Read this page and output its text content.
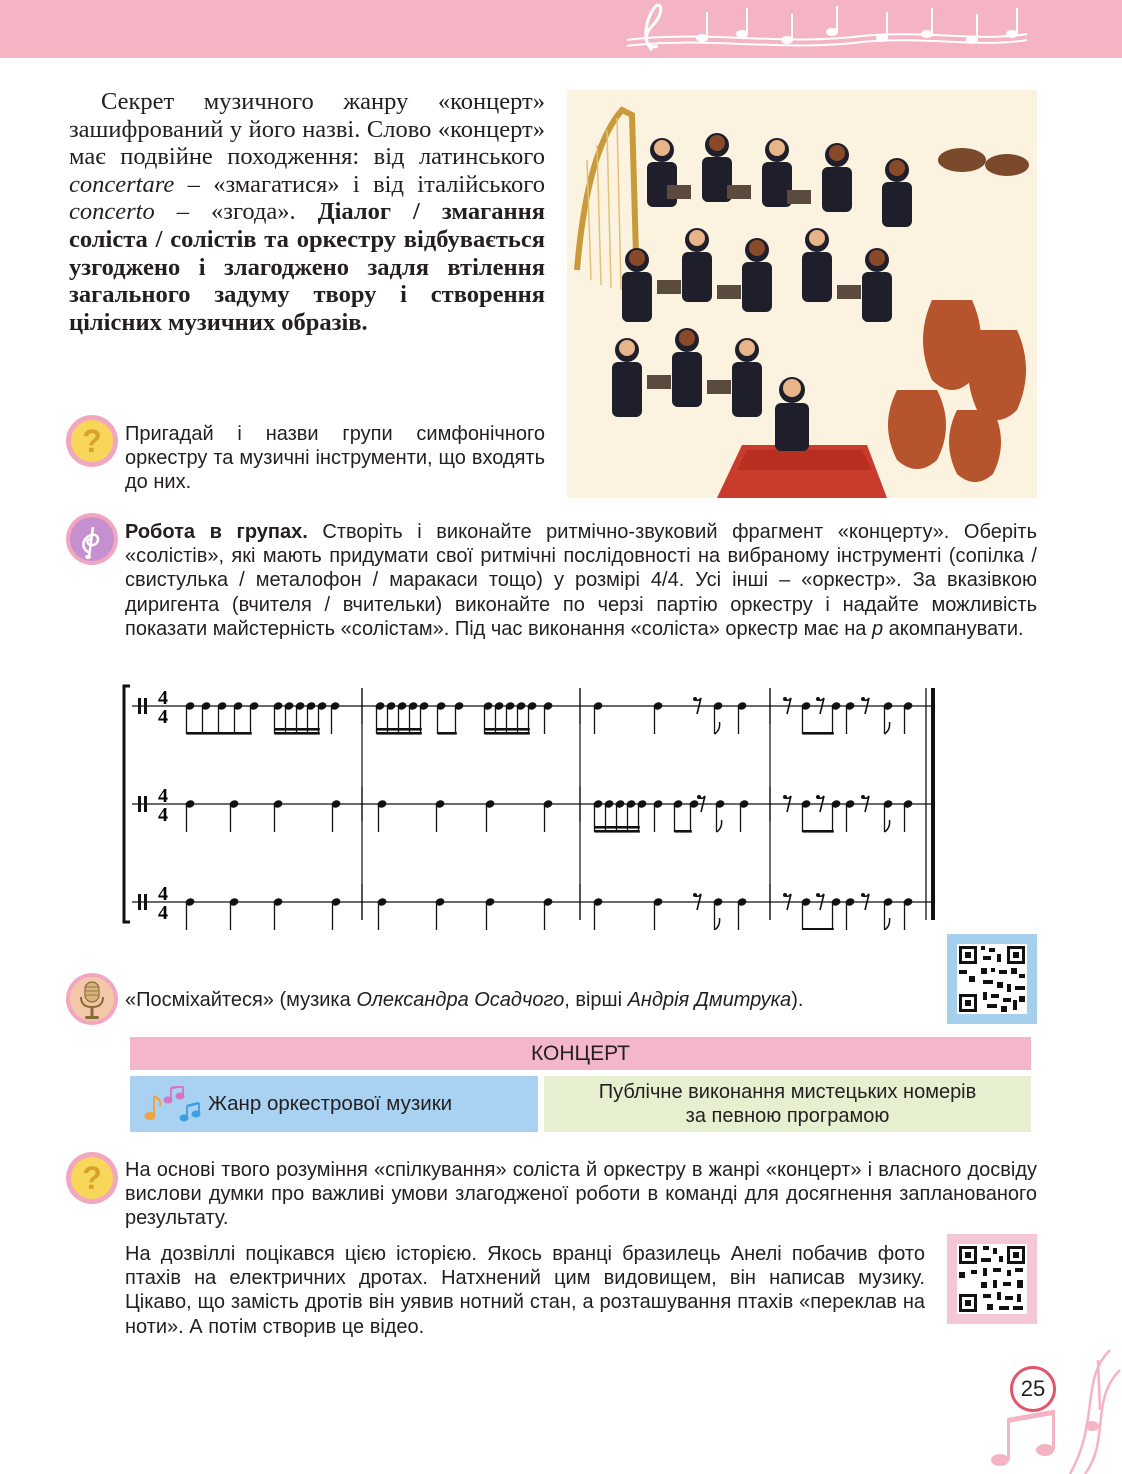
Секрет музичного жанру «концерт» зашифрований у його назві. Слово «концерт» має подвійне походження: від латинського concertare – «змагатися» і від італійського concerto – «згода». Діалог / змагання соліста / солістів та оркестру відбувається узгоджено і злагоджено задля втілення загального задуму твору і створення цілісних музичних образів.

? Пригадай і назви групи симфонічного оркестру та музичні інструменти, що входять до них.

Робота в групах. Створіть і виконайте ритмічно-звуковий фрагмент «концерту». Оберіть «солістів», які мають придумати свої ритмічні послідовності на вибраному інструменті (сопілка / свистулька / металофон / маракаси тощо) у розмірі 4/4. Усі інші – «оркестр». За вказівкою диригента (вчителя / вчительки) виконайте по черзі партію оркестру і надайте можливість показати майстерність «солістам». Під час виконання «соліста» оркестр має на p акомпанувати.

4
4
4
4
4
4

«Посміхайтеся» (музика Олександра Осадчого, вірші Андрія Дмитрука).

КОНЦЕРТ
Жанр оркестрової музики	Публічне виконання мистецьких номерів
за певною програмою
? На основі твого розуміння «спілкування» соліста й оркестру в жанрі «концерт» і власного досвіду вислови думки про важливі умови злагодженої роботи в команді для досягнення запланованого результату.

На дозвіллі поцікався цією історією. Якось вранці бразилець Анелі побачив фото птахів на електричних дротах. Натхнений цим видовищем, він написав музику. Цікаво, що замість дротів він уявив нотний стан, а розташування птахів «переклав на ноти». А потім створив це відео.

25
